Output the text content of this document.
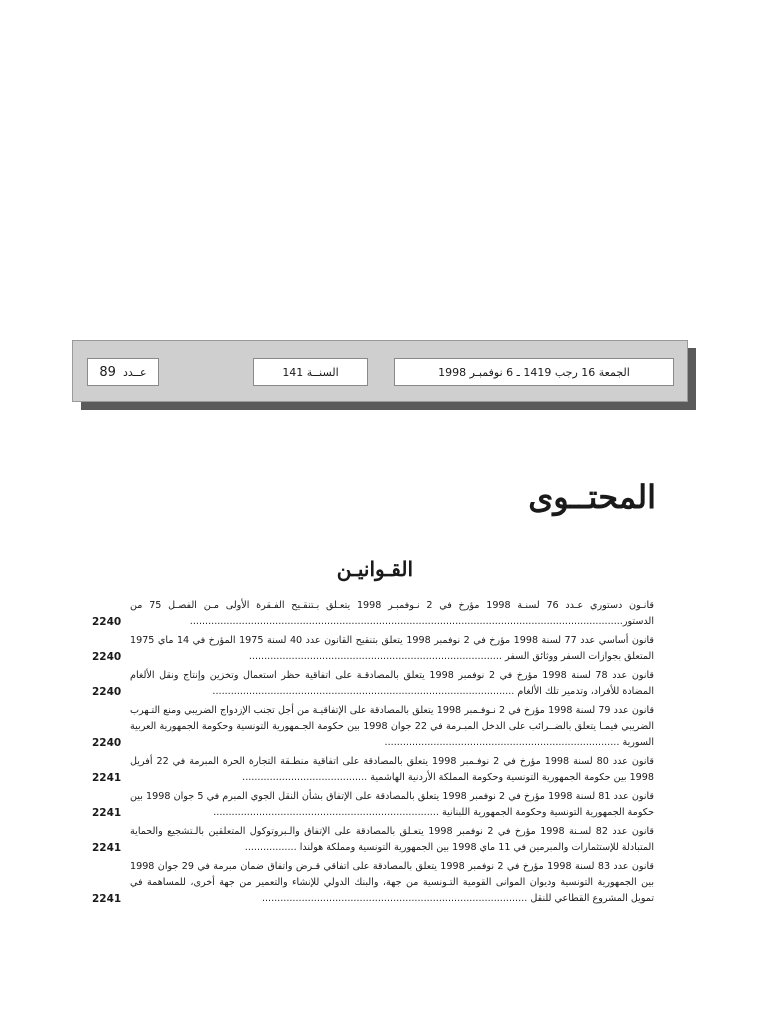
عــدد

89	السنــة 141	الجمعة 16 رجب 1419 ـ 6 نوفمبـر 1998
المحتــوى
القـوانيـن
قانـون دستوري عـدد 76 لسنـة 1998 مؤرخ في 2 نـوفمبـر 1998 يتعـلق بـتنقـيح الفـقرة الأولى مـن الفصـل 75 من الدستور..............................................................................................................................................
2240
قانون أساسي عدد 77 لسنة 1998 مؤرخ في 2 نوفمبر 1998 يتعلق بتنقيح القانون عدد 40 لسنة 1975 المؤرخ في 14 ماي 1975 المتعلق بجوازات السفر ووثائق السفر ...................................................................................
2240
قانون عدد 78 لسنة 1998 مؤرخ في 2 نوفمبر 1998 يتعلق بالمصادقـة على اتفاقية حظر استعمال وتخزين وإنتاج ونقل الألغام المضادة للأفراد، وتدمير تلك الألغام ...................................................................................................
2240
قانون عدد 79 لسنة 1998 مؤرخ في 2 نـوفـمبر 1998 يتعلق بالمصادقة على الإتفاقيـة من أجل تجنب الإزدواج الضريبي ومنع التـهرب الضريبي فيمـا يتعلق بالضــرائب على الدخل المبـرمة في 22 جوان 1998 بين حكومة الجـمهورية التونسية وحكومة الجمهورية العربية السورية .............................................................................
2240
قانون عدد 80 لسنة 1998 مؤرخ في 2 نوفـمبر 1998 يتعلق بالمصادقة على اتفاقية منطـقة التجارة الحرة المبرمة في 22 أفريل 1998 بين حكومة الجمهورية التونسية وحكومة المملكة الأردنية الهاشمية .........................................
2241
قانون عدد 81 لسنة 1998 مؤرخ في 2 نوفمبر 1998 يتعلق بالمصادقة على الإتفاق بشأن النقل الجوي المبرم في 5 جوان 1998 بين حكومة الجمهورية التونسية وحكومة الجمهورية اللبنانية ..........................................................................
2241
قانون عدد 82 لسـنة 1998 مؤرخ في 2 نوفمبر 1998 يتعـلق بالمصادقة على الإتفاق والـبروتوكول المتعلقين بالـتشجيع والحماية المتبادلة للإستثمارات والمبرمين في 11 ماي 1998 بين الجمهورية التونسية ومملكة هولندا .................
2241
قانون عدد 83 لسنة 1998 مؤرخ في 2 نوفمبر 1998 يتعلق بالمصادقة على اتفاقي قـرض واتفاق ضمان مبرمة في 29 جوان 1998 بين الجمهورية التونسية وديوان الموانى القومية التـونسية من جهة، والبنك الدولي للإنشاء والتعمير من جهة أخرى، للمساهمة في تمويل المشروع القطاعي للنقل .......................................................................................
2241
